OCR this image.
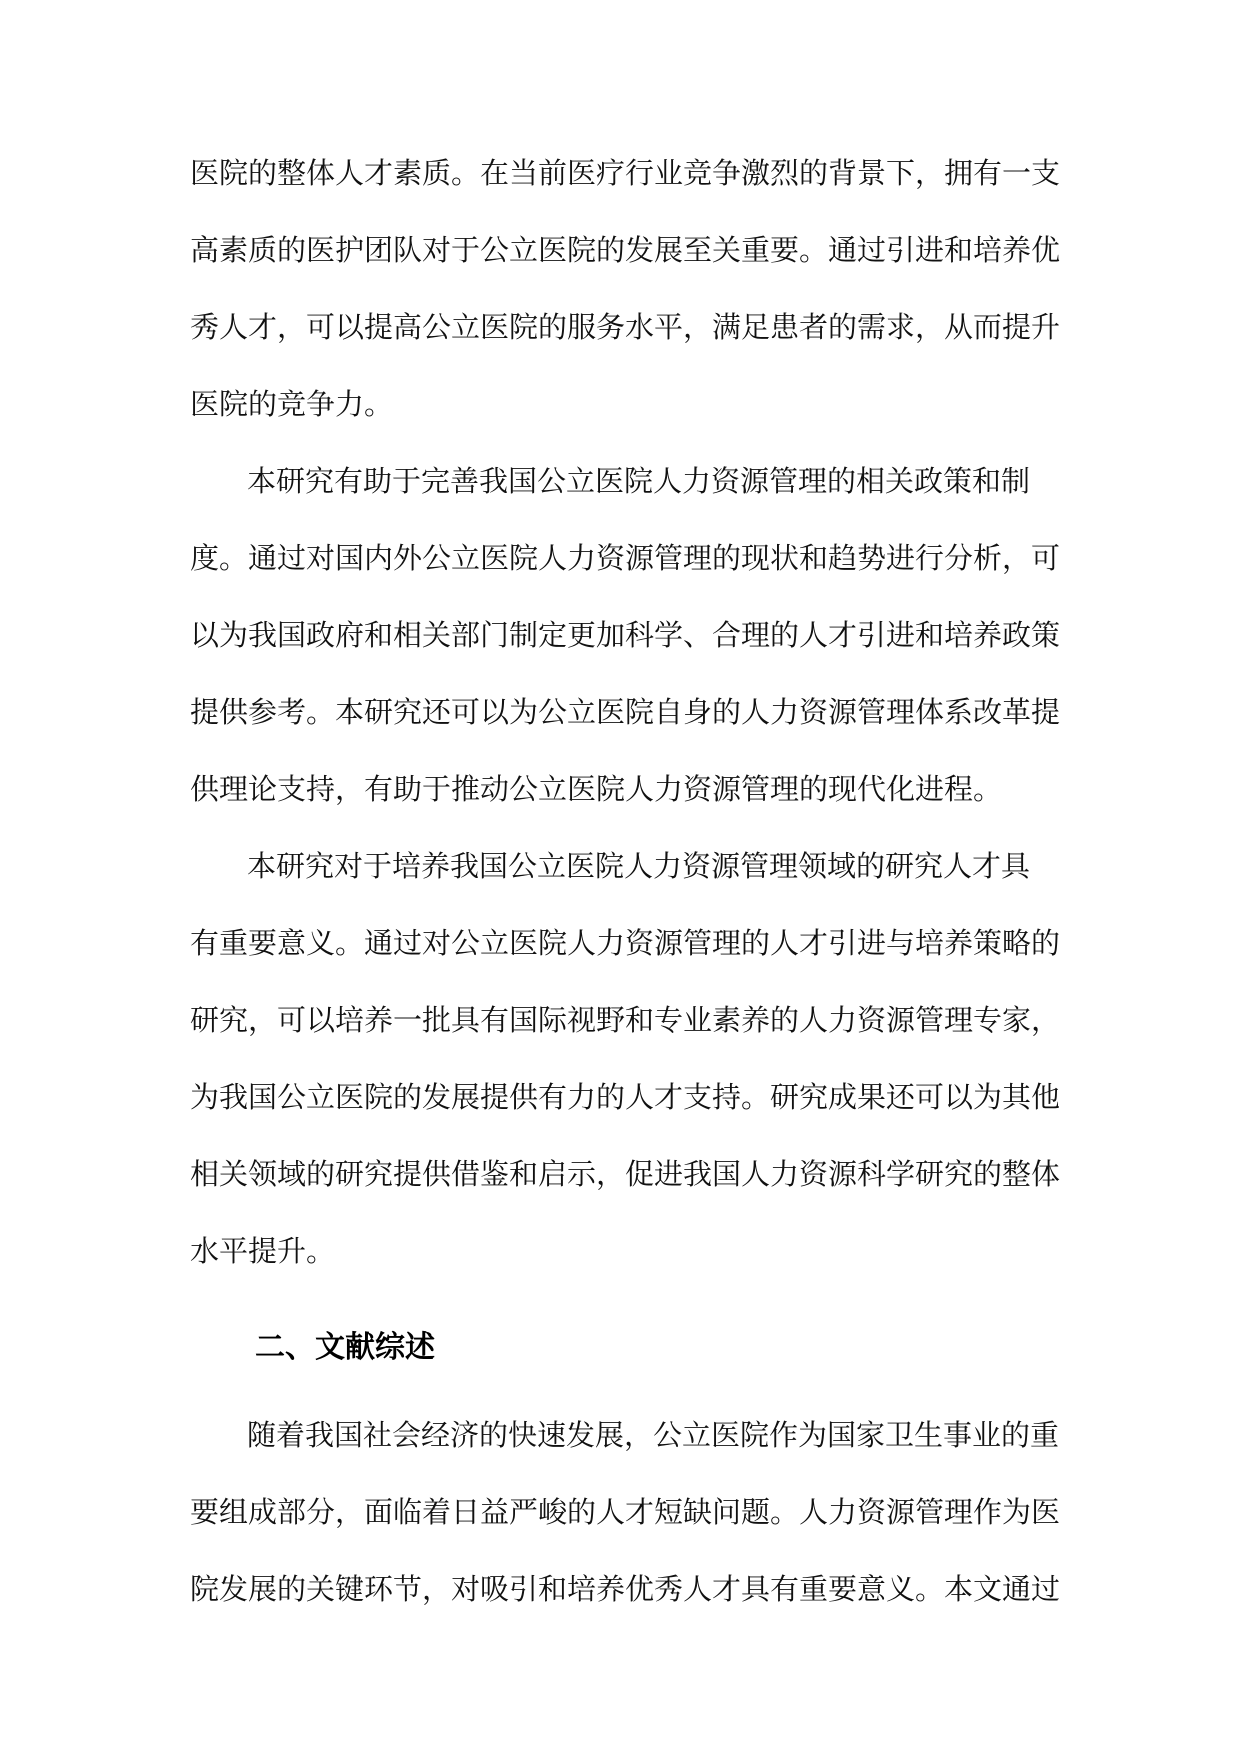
医院的整体人才素质。在当前医疗行业竞争激烈的背景下，拥有一支
高素质的医护团队对于公立医院的发展至关重要。通过引进和培养优
秀人才，可以提高公立医院的服务水平，满足患者的需求，从而提升
医院的竞争力。
本研究有助于完善我国公立医院人力资源管理的相关政策和制
度。通过对国内外公立医院人力资源管理的现状和趋势进行分析，可
以为我国政府和相关部门制定更加科学、合理的人才引进和培养政策
提供参考。本研究还可以为公立医院自身的人力资源管理体系改革提
供理论支持，有助于推动公立医院人力资源管理的现代化进程。
本研究对于培养我国公立医院人力资源管理领域的研究人才具
有重要意义。通过对公立医院人力资源管理的人才引进与培养策略的
研究，可以培养一批具有国际视野和专业素养的人力资源管理专家，
为我国公立医院的发展提供有力的人才支持。研究成果还可以为其他
相关领域的研究提供借鉴和启示，促进我国人力资源科学研究的整体
水平提升。
二、文献综述
随着我国社会经济的快速发展，公立医院作为国家卫生事业的重
要组成部分，面临着日益严峻的人才短缺问题。人力资源管理作为医
院发展的关键环节，对吸引和培养优秀人才具有重要意义。本文通过
